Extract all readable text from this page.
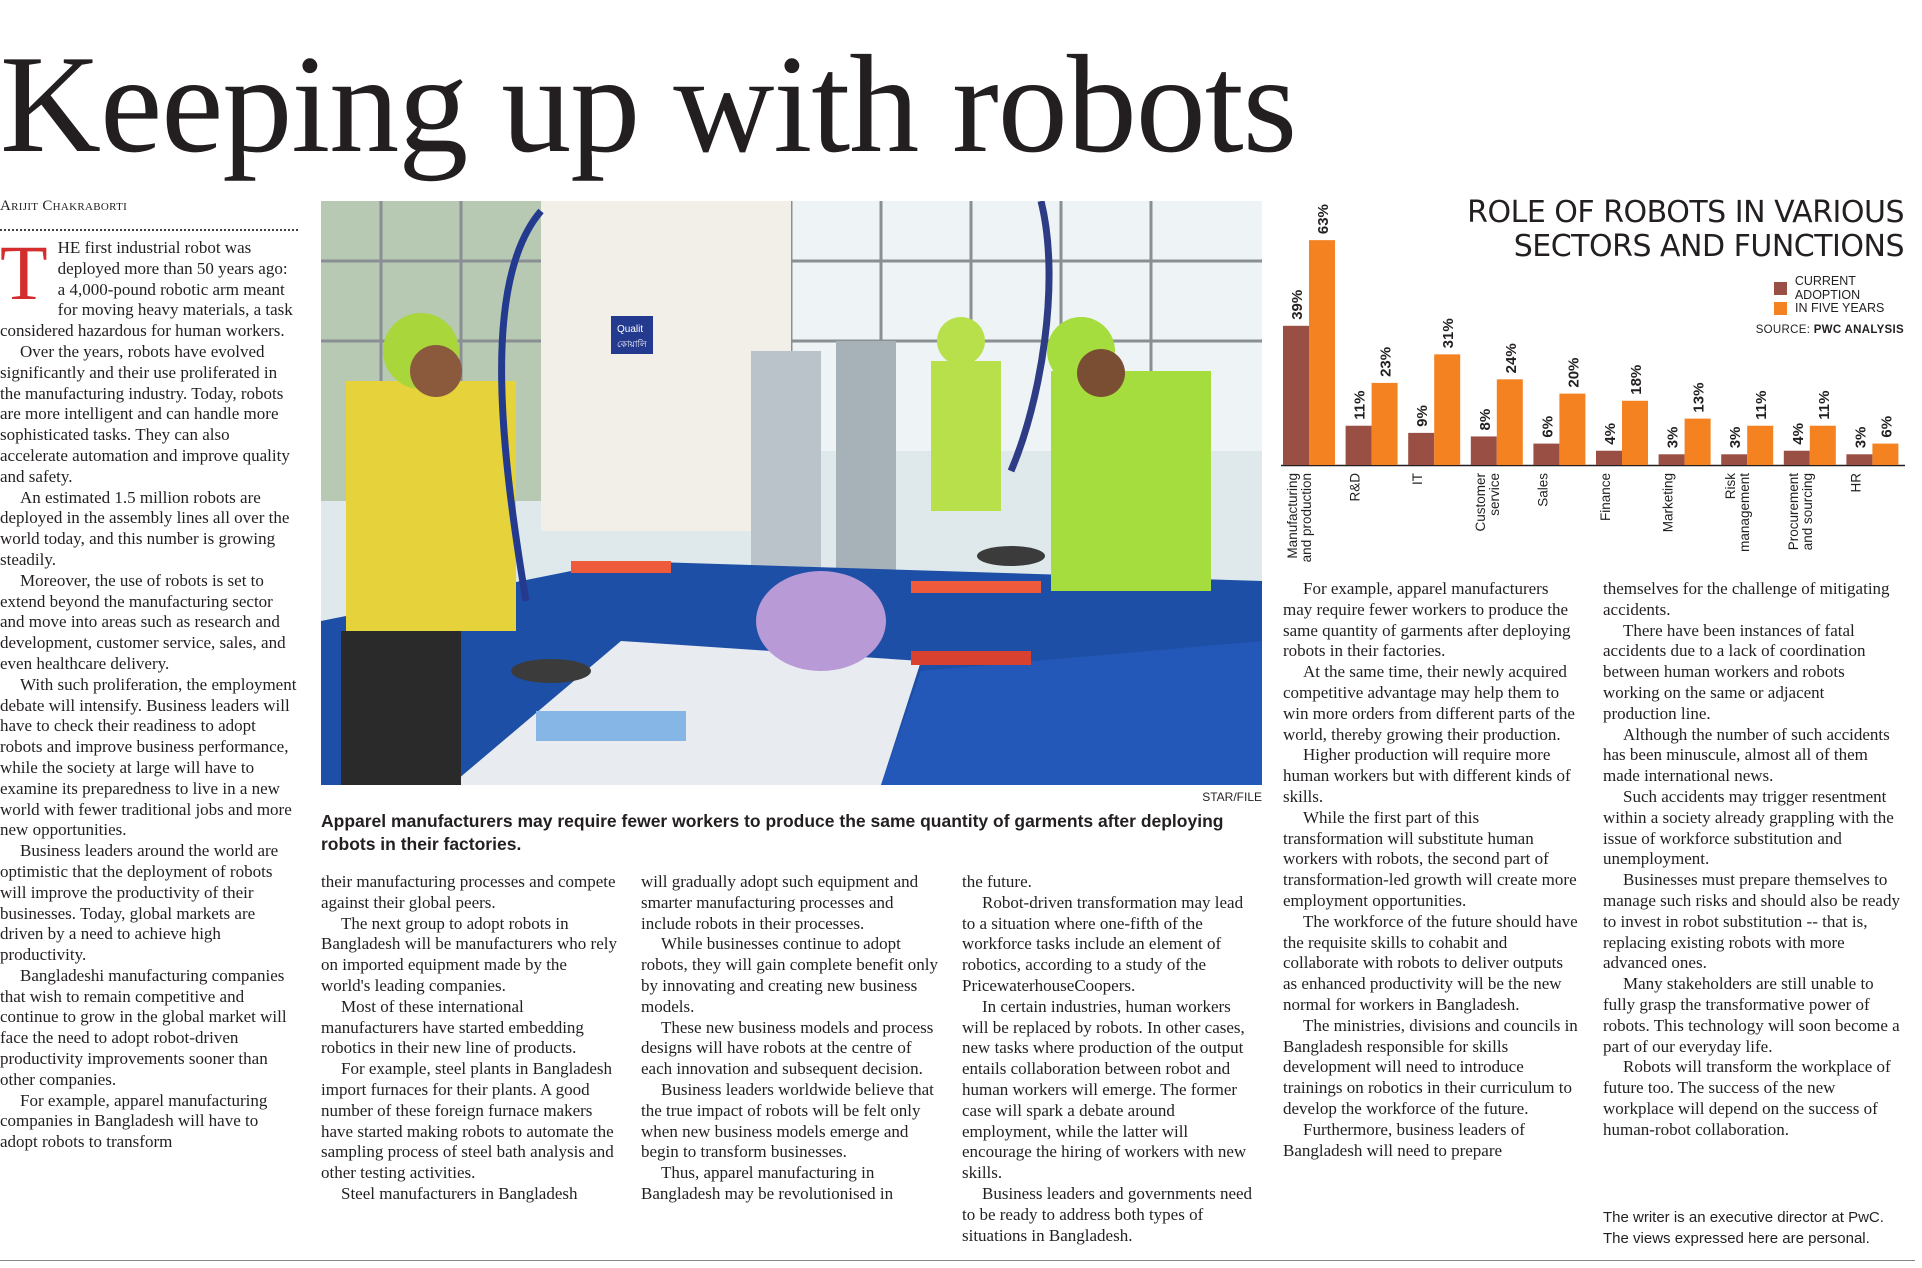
Keeping up with robots
Arijit Chakraborti

THE first industrial robot was deployed more than 50 years ago: a 4,000-pound robotic arm meant for moving heavy materials, a task considered hazardous for human workers.

Over the years, robots have evolved significantly and their use proliferated in the manufacturing industry. Today, robots are more intelligent and can handle more sophisticated tasks. They can also accelerate automation and improve quality and safety.

An estimated 1.5 million robots are deployed in the assembly lines all over the world today, and this number is growing steadily.

Moreover, the use of robots is set to extend beyond the manufacturing sector and move into areas such as research and development, customer service, sales, and even healthcare delivery.

With such proliferation, the employment debate will intensify. Business leaders will have to check their readiness to adopt robots and improve business performance, while the society at large will have to examine its preparedness to live in a new world with fewer traditional jobs and more new opportunities.

Business leaders around the world are optimistic that the deployment of robots will improve the productivity of their businesses. Today, global markets are driven by a need to achieve high productivity.

Bangladeshi manufacturing companies that wish to remain competitive and continue to grow in the global market will face the need to adopt robot-driven productivity improvements sooner than other companies.

For example, apparel manufacturing companies in Bangladesh will have to adopt robots to transform

Qualit
কোয়ালি
STAR/FILE
Apparel manufacturers may require fewer workers to produce the same quantity of garments after deploying robots in their factories.
ROLE OF ROBOTS IN VARIOUS
SECTORS AND FUNCTIONS
CURRENT ADOPTION
IN FIVE YEARS
SOURCE: PWC ANALYSIS
39%
63%
Manufacturing and production
11%
23%
R&D
9%
31%
IT
8%
24%
Customer service
6%
20%
Sales
4%
18%
Finance
3%
13%
Marketing
3%
11%
Risk management
4%
11%
Procurement and sourcing
3% 6%
HR

their manufacturing processes and compete against their global peers.

The next group to adopt robots in Bangladesh will be manufacturers who rely on imported equipment made by the world's leading companies.

Most of these international manufacturers have started embedding robotics in their new line of products.

For example, steel plants in Bangladesh import furnaces for their plants. A good number of these foreign furnace makers have started making robots to automate the sampling process of steel bath analysis and other testing activities.

Steel manufacturers in Bangladesh

will gradually adopt such equipment and smarter manufacturing processes and include robots in their processes.

While businesses continue to adopt robots, they will gain complete benefit only by innovating and creating new business models.

These new business models and process designs will have robots at the centre of each innovation and subsequent decision.

Business leaders worldwide believe that the true impact of robots will be felt only when new business models emerge and begin to transform businesses.

Thus, apparel manufacturing in Bangladesh may be revolutionised in

the future.

Robot-driven transformation may lead to a situation where one-fifth of the workforce tasks include an element of robotics, according to a study of the PricewaterhouseCoopers.

In certain industries, human workers will be replaced by robots. In other cases, new tasks where production of the output entails collaboration between robot and human workers will emerge. The former case will spark a debate around employment, while the latter will encourage the hiring of workers with new skills.

Business leaders and governments need to be ready to address both types of situations in Bangladesh.

For example, apparel manufacturers may require fewer workers to produce the same quantity of garments after deploying robots in their factories.

At the same time, their newly acquired competitive advantage may help them to win more orders from different parts of the world, thereby growing their production.

Higher production will require more human workers but with different kinds of skills.

While the first part of this transformation will substitute human workers with robots, the second part of transformation-led growth will create more employment opportunities.

The workforce of the future should have the requisite skills to cohabit and collaborate with robots to deliver outputs as enhanced productivity will be the new normal for workers in Bangladesh.

The ministries, divisions and councils in Bangladesh responsible for skills development will need to introduce trainings on robotics in their curriculum to develop the workforce of the future.

Furthermore, business leaders of Bangladesh will need to prepare

themselves for the challenge of mitigating accidents.

There have been instances of fatal accidents due to a lack of coordination between human workers and robots working on the same or adjacent production line.

Although the number of such accidents has been minuscule, almost all of them made international news.

Such accidents may trigger resentment within a society already grappling with the issue of workforce substitution and unemployment.

Businesses must prepare themselves to manage such risks and should also be ready to invest in robot substitution -- that is, replacing existing robots with more advanced ones.

Many stakeholders are still unable to fully grasp the transformative power of robots. This technology will soon become a part of our everyday life.

Robots will transform the workplace of future too. The success of the new workplace will depend on the success of human-robot collaboration.

The writer is an executive director at PwC. The views expressed here are personal.
